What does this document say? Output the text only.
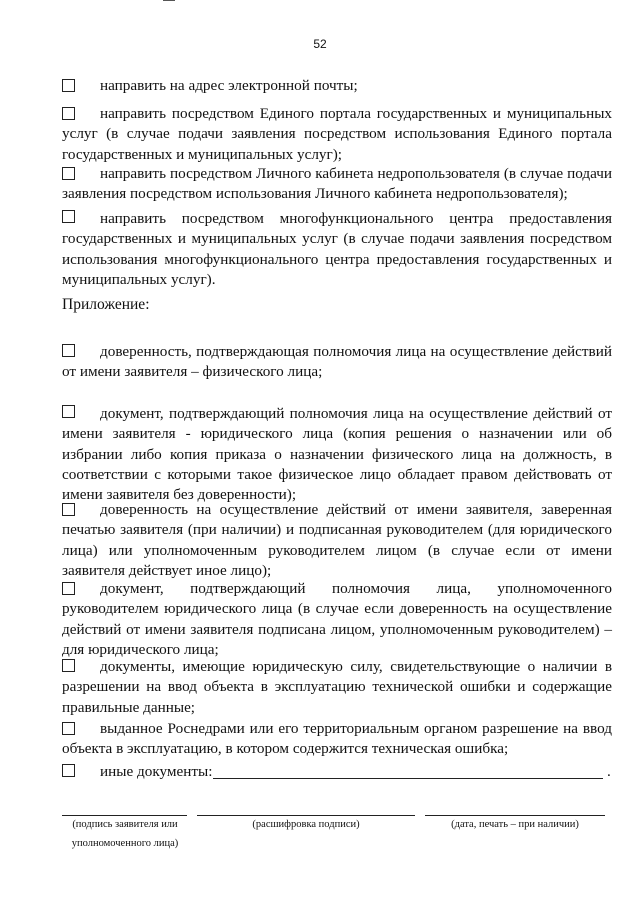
52

направить на адрес электронной почты;

направить посредством Единого портала государственных и муниципальных услуг (в случае подачи заявления посредством использования Единого портала государственных и муниципальных услуг);

направить посредством Личного кабинета недропользователя (в случае подачи заявления посредством использования Личного кабинета недропользователя);

направить посредством многофункционального центра предоставления государственных и муниципальных услуг (в случае подачи заявления посредством использования многофункционального центра предоставления государственных и муниципальных услуг).

Приложение:

доверенность, подтверждающая полномочия лица на осуществление действий от имени заявителя – физического лица;

документ, подтверждающий полномочия лица на осуществление действий от имени заявителя - юридического лица (копия решения о назначении или об избрании либо копия приказа о назначении физического лица на должность, в соответствии с которыми такое физическое лицо обладает правом действовать от имени заявителя без доверенности);

доверенность на осуществление действий от имени заявителя, заверенная печатью заявителя (при наличии) и подписанная руководителем (для юридического лица) или уполномоченным руководителем лицом (в случае если от имени заявителя действует иное лицо);

документ, подтверждающий полномочия лица, уполномоченного руководителем юридического лица (в случае если доверенность на осуществление действий от имени заявителя подписана лицом, уполномоченным руководителем) – для юридического лица;

документы, имеющие юридическую силу, свидетельствующие о наличии в разрешении на ввод объекта в эксплуатацию технической ошибки и содержащие правильные данные;

выданное Роснедрами или его территориальным органом разрешение на ввод объекта в эксплуатацию, в котором содержится техническая ошибка;

иные документы:	.
(подпись заявителя или уполномоченного лица)
(расшифровка подписи)	(дата, печать – при наличии)
